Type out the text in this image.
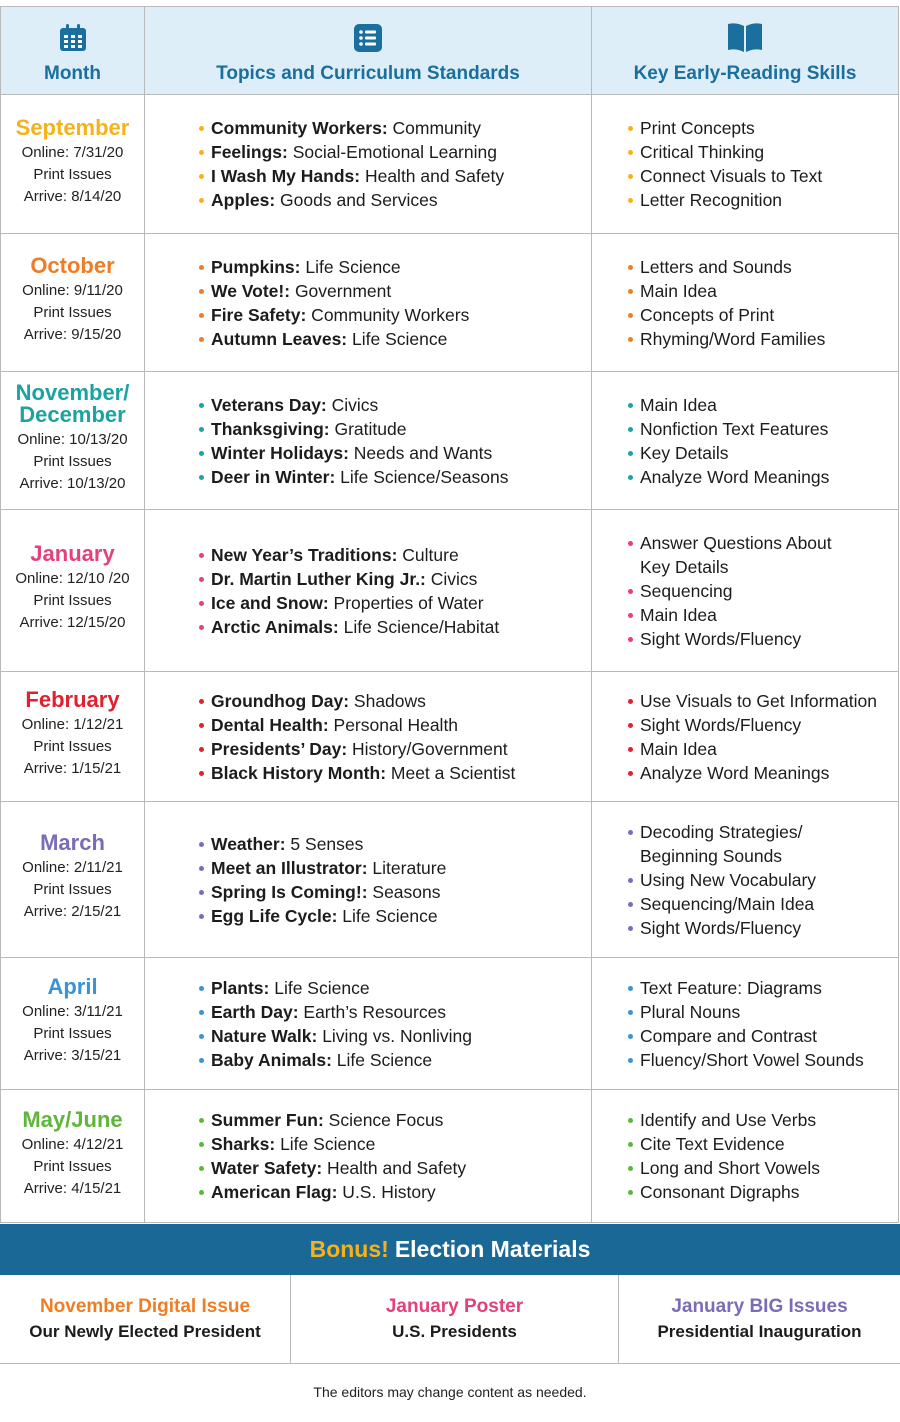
Month	Topics and Curriculum Standards	Key Early-Reading Skills
September
Online: 7/31/20
Print Issues
Arrive: 8/14/20
Community Workers: Community
Feelings: Social-Emotional Learning
I Wash My Hands: Health and Safety
Apples: Goods and Services
Print Concepts
Critical Thinking
Connect Visuals to Text
Letter Recognition
October
Online: 9/11/20
Print Issues
Arrive: 9/15/20
Pumpkins: Life Science
We Vote!: Government
Fire Safety: Community Workers
Autumn Leaves: Life Science
Letters and Sounds
Main Idea
Concepts of Print
Rhyming/Word Families
November/
December
Online: 10/13/20
Print Issues
Arrive: 10/13/20
Veterans Day: Civics
Thanksgiving: Gratitude
Winter Holidays: Needs and Wants
Deer in Winter: Life Science/Seasons
Main Idea
Nonfiction Text Features
Key Details
Analyze Word Meanings
January
Online: 12/10 /20
Print Issues
Arrive: 12/15/20
New Year’s Traditions: Culture
Dr. Martin Luther King Jr.: Civics
Ice and Snow: Properties of Water
Arctic Animals: Life Science/Habitat
Answer Questions About
Key Details
Sequencing
Main Idea
Sight Words/Fluency
February
Online: 1/12/21
Print Issues
Arrive: 1/15/21
Groundhog Day: Shadows
Dental Health: Personal Health
Presidents’ Day: History/Government
Black History Month: Meet a Scientist
Use Visuals to Get Information
Sight Words/Fluency
Main Idea
Analyze Word Meanings
March
Online: 2/11/21
Print Issues
Arrive: 2/15/21
Weather: 5 Senses
Meet an Illustrator: Literature
Spring Is Coming!: Seasons
Egg Life Cycle: Life Science
Decoding Strategies/
Beginning Sounds
Using New Vocabulary
Sequencing/Main Idea
Sight Words/Fluency
April
Online: 3/11/21
Print Issues
Arrive: 3/15/21
Plants: Life Science
Earth Day: Earth’s Resources
Nature Walk: Living vs. Nonliving
Baby Animals: Life Science
Text Feature: Diagrams
Plural Nouns
Compare and Contrast
Fluency/Short Vowel Sounds
May/June
Online: 4/12/21
Print Issues
Arrive: 4/15/21
Summer Fun: Science Focus
Sharks: Life Science
Water Safety: Health and Safety
American Flag: U.S. History
Identify and Use Verbs
Cite Text Evidence
Long and Short Vowels
Consonant Digraphs
Bonus! Election Materials
November Digital Issue
Our Newly Elected President
January Poster
U.S. Presidents
January BIG Issues
Presidential Inauguration
The editors may change content as needed.
